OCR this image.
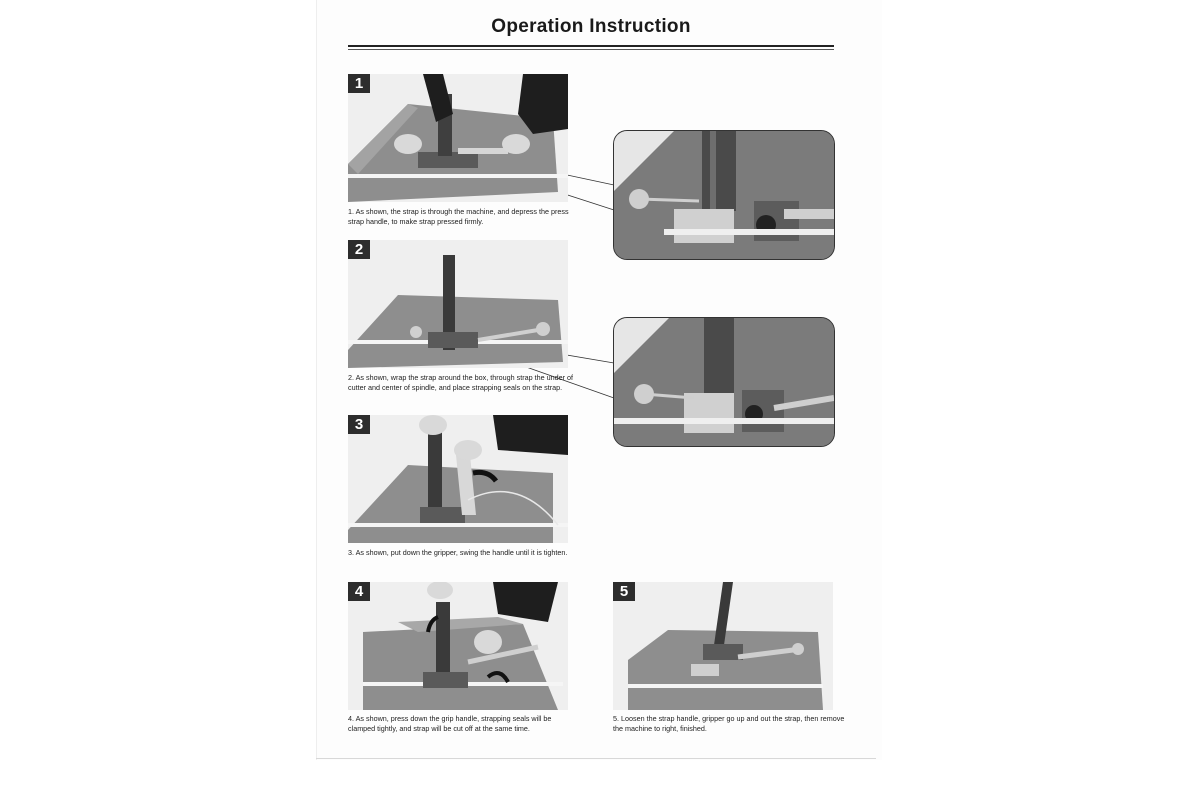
Operation Instruction
1
1. As shown, the strap is through the machine, and depress the press strap handle, to make strap pressed firmly.
2
2. As shown, wrap the strap around the box, through strap the under of cutter and center of spindle, and place strapping seals on the strap.
3
3. As shown, put down the gripper, swing the handle until it is tighten.
4
4. As shown, press down the grip handle, strapping seals will be clamped tightly, and strap will be cut off at the same time.
5
5. Loosen the strap handle, gripper go up and out the strap, then remove the machine to right, finished.
